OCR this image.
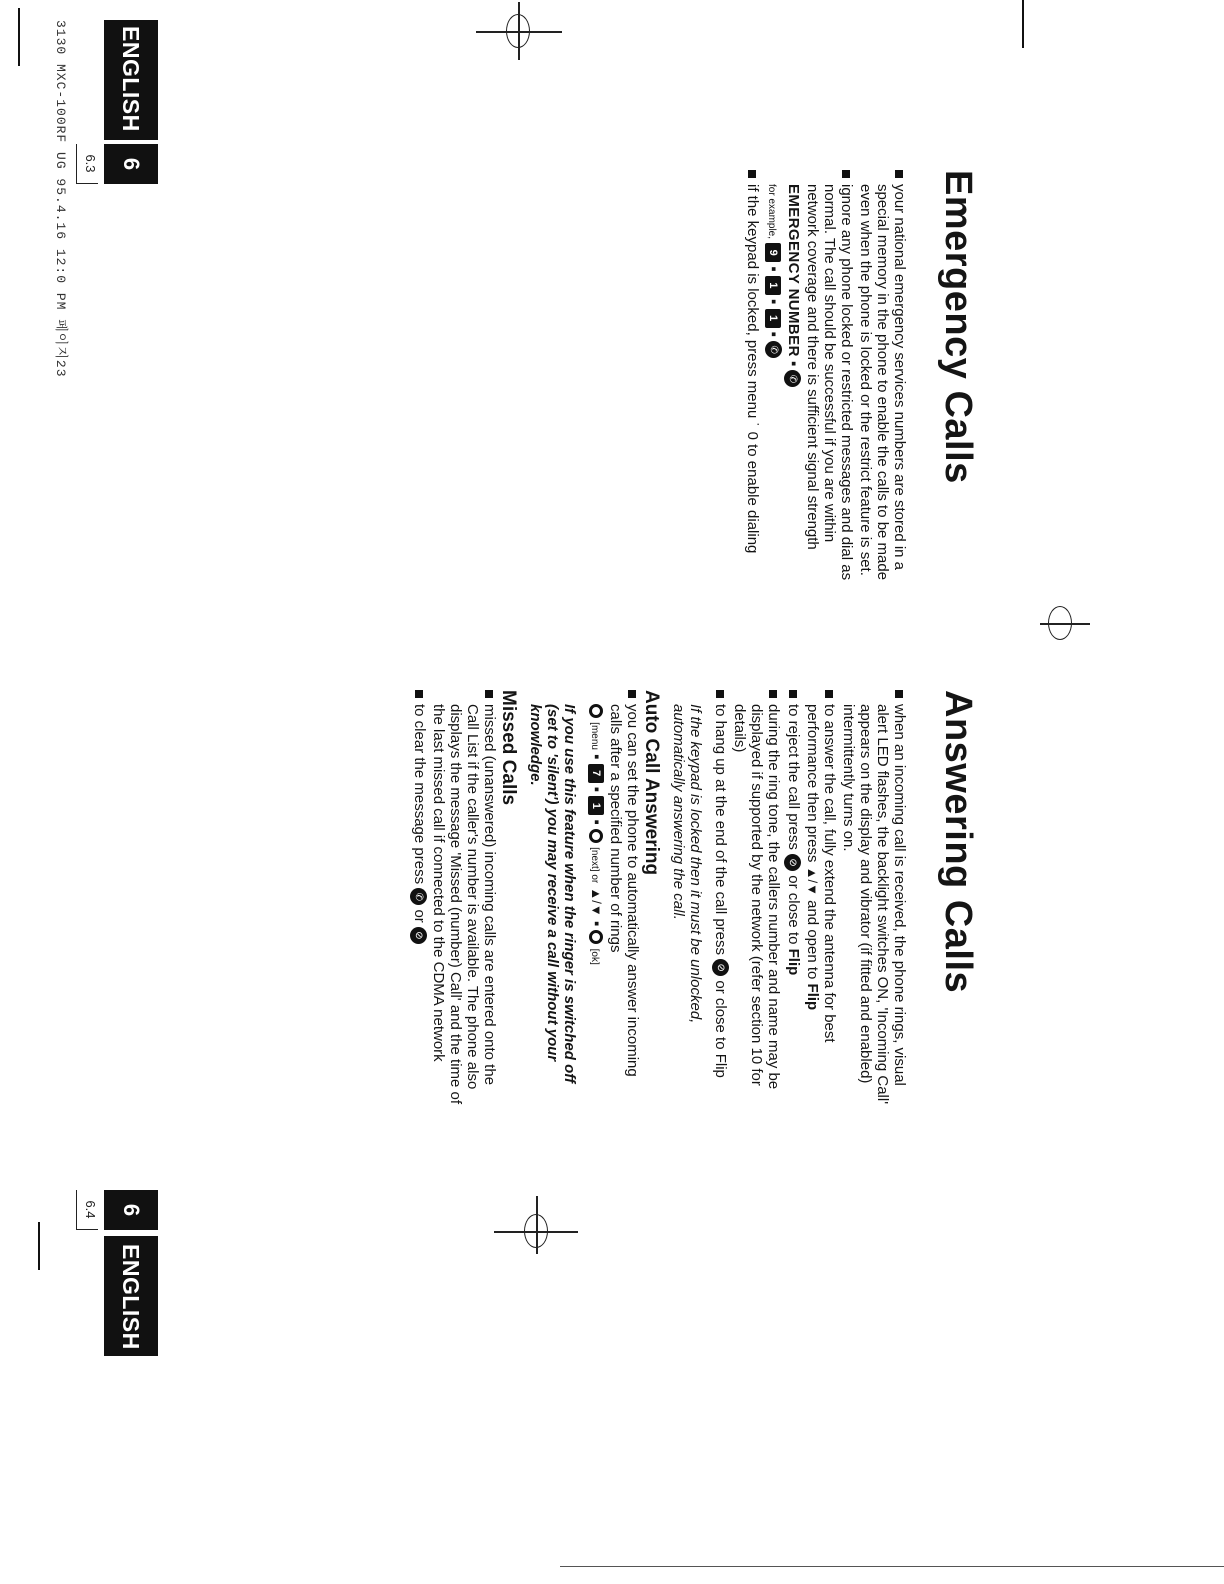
3130 MXC-100RF UG 95.4.16 12:0 PM 페이지23	6
ENGLISH
6.3
6
ENGLISH
6.4
Emergency Calls
your national emergency services numbers are stored in a special memory in the phone to enable the calls to be made even when the phone is locked or the restrict feature is set.
ignore any phone locked or restricted messages and dial as normal. The call should be successful if you are within network coverage and there is sufficient signal strength
EMERGENCY NUMBER ▪ ✆
for example, 9 ▪ 1 ▪ 1 ▪ ✆
if the keypad is locked, press menu ˙ 0 to enable dialing
Answering Calls
when an incoming call is received, the phone rings, visual alert LED flashes, the backlight switches ON, 'Incoming Call' appears on the display and vibrator (if fitted and enabled) intermittently turns on.
to answer the call, fully extend the antenna for best performance then press ▲/▼ and open to Flip
to reject the call press ⊘ or close to Flip
during the ring tone, the callers number and name may be displayed if supported by the network (refer section 10 for details)
to hang up at the end of the call press ⊘ or close to Flip
If the keypad is locked then it must be unlocked, automatically answering the call.
Auto Call Answering
you can set the phone to automatically answer incoming calls after a specified number of rings
[menu ▪ 7 ▪ 1 ▪  [next] or ▲/▼ ▪  [ok]
If you use this feature when the ringer is switched off (set to 'silent') you may receive a call without your knowledge.
Missed Calls
missed (unanswered) incoming calls are entered onto the Call List if the caller's number is available. The phone also displays the message 'Missed (number) Call' and the time of the last missed call if connected to the CDMA network
to clear the message press ✆ or ⊘
